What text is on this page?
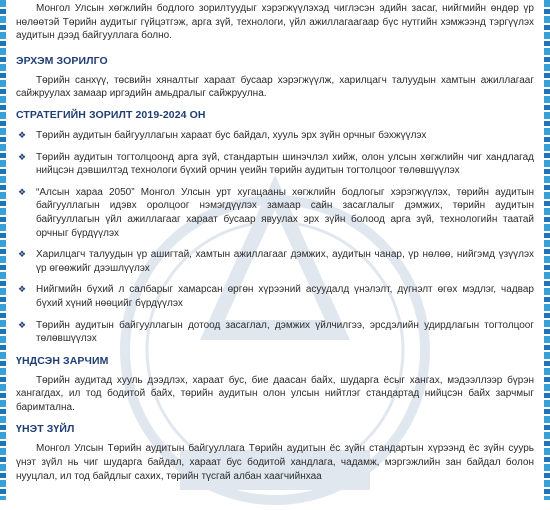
Монгол Улсын хөгжлийн бодлого зорилтуудыг хэрэгжүүлэхэд чиглэсэн эдийн засаг, нийгмийн өндөр үр нөлөөтэй Төрийн аудитыг гүйцэтгэж, арга зүй, технологи, үйл ажиллагаагаар бүс нутгийн хэмжээнд тэргүүлэх аудитын дээд байгууллага болно.

ЭРХЭМ ЗОРИЛГО

Төрийн санхүү, төсвийн хяналтыг хараат бусаар хэрэгжүүлж, харилцагч талуудын хамтын ажиллагааг сайжруулах замаар иргэдийн амьдралыг сайжруулна.

СТРАТЕГИЙН ЗОРИЛТ 2019-2024 ОН
❖ Төрийн аудитын байгууллагын хараат бус байдал, хууль эрх зүйн орчныг бэхжүүлэх
❖ Төрийн аудитын тогтолцоонд арга зүй, стандартын шинэчлэл хийж, олон улсын хөгжлийн чиг хандлагад нийцсэн дэвшилтэд технологи бүхий орчин үеийн төрийн аудитын тогтолцоог төлөвшүүлэх
❖ “Алсын хараа 2050” Монгол Улсын урт хугацааны хөгжлийн бодлогыг хэрэгжүүлэх, төрийн аудитын байгууллагын идэвх оролцоог нэмэгдүүлэх замаар сайн засаглалыг дэмжих, төрийн аудитын байгууллагын үйл ажиллагааг хараат бусаар явуулах эрх зүйн болоод арга зүй, технологийн таатай орчныг бүрдүүлэх
❖ Харилцагч талуудын үр ашигтай, хамтын ажиллагааг дэмжих, аудитын чанар, үр нөлөө, нийгэмд үзүүлэх үр өгөөжийг дээшлүүлэх
❖ Нийгмийн бүхий л салбарыг хамарсан өргөн хүрээний асуудалд үнэлэлт, дүгнэлт өгөх мэдлэг, чадвар бүхий хүний нөөцийг бүрдүүлэх
❖ Төрийн аудитын байгууллагын дотоод засаглал, дэмжих үйлчилгээ, эрсдэлийн удирдлагын тогтолцоог төлөвшүүлэх
ҮНДСЭН ЗАРЧИМ

Төрийн аудитад хууль дээдлэх, хараат бус, бие даасан байх, шударга ёсыг хангах, мэдээллээр бүрэн хангагдах, ил тод бодитой байх, төрийн аудитын олон улсын нийтлэг стандартад нийцсэн байх зарчмыг баримтална.

ҮНЭТ ЗҮЙЛ

Монгол Улсын Төрийн аудитын байгууллага Төрийн аудитын ёс зүйн стандартын хүрээнд ёс зүйн суурь үнэт зүйл нь чиг шударга байдал, хараат бус бодитой хандлага, чадамж, мэргэжлийн зан байдал болон нууцлал, ил тод байдлыг сахих, төрийн түсгай албан хаагчийнхаа
